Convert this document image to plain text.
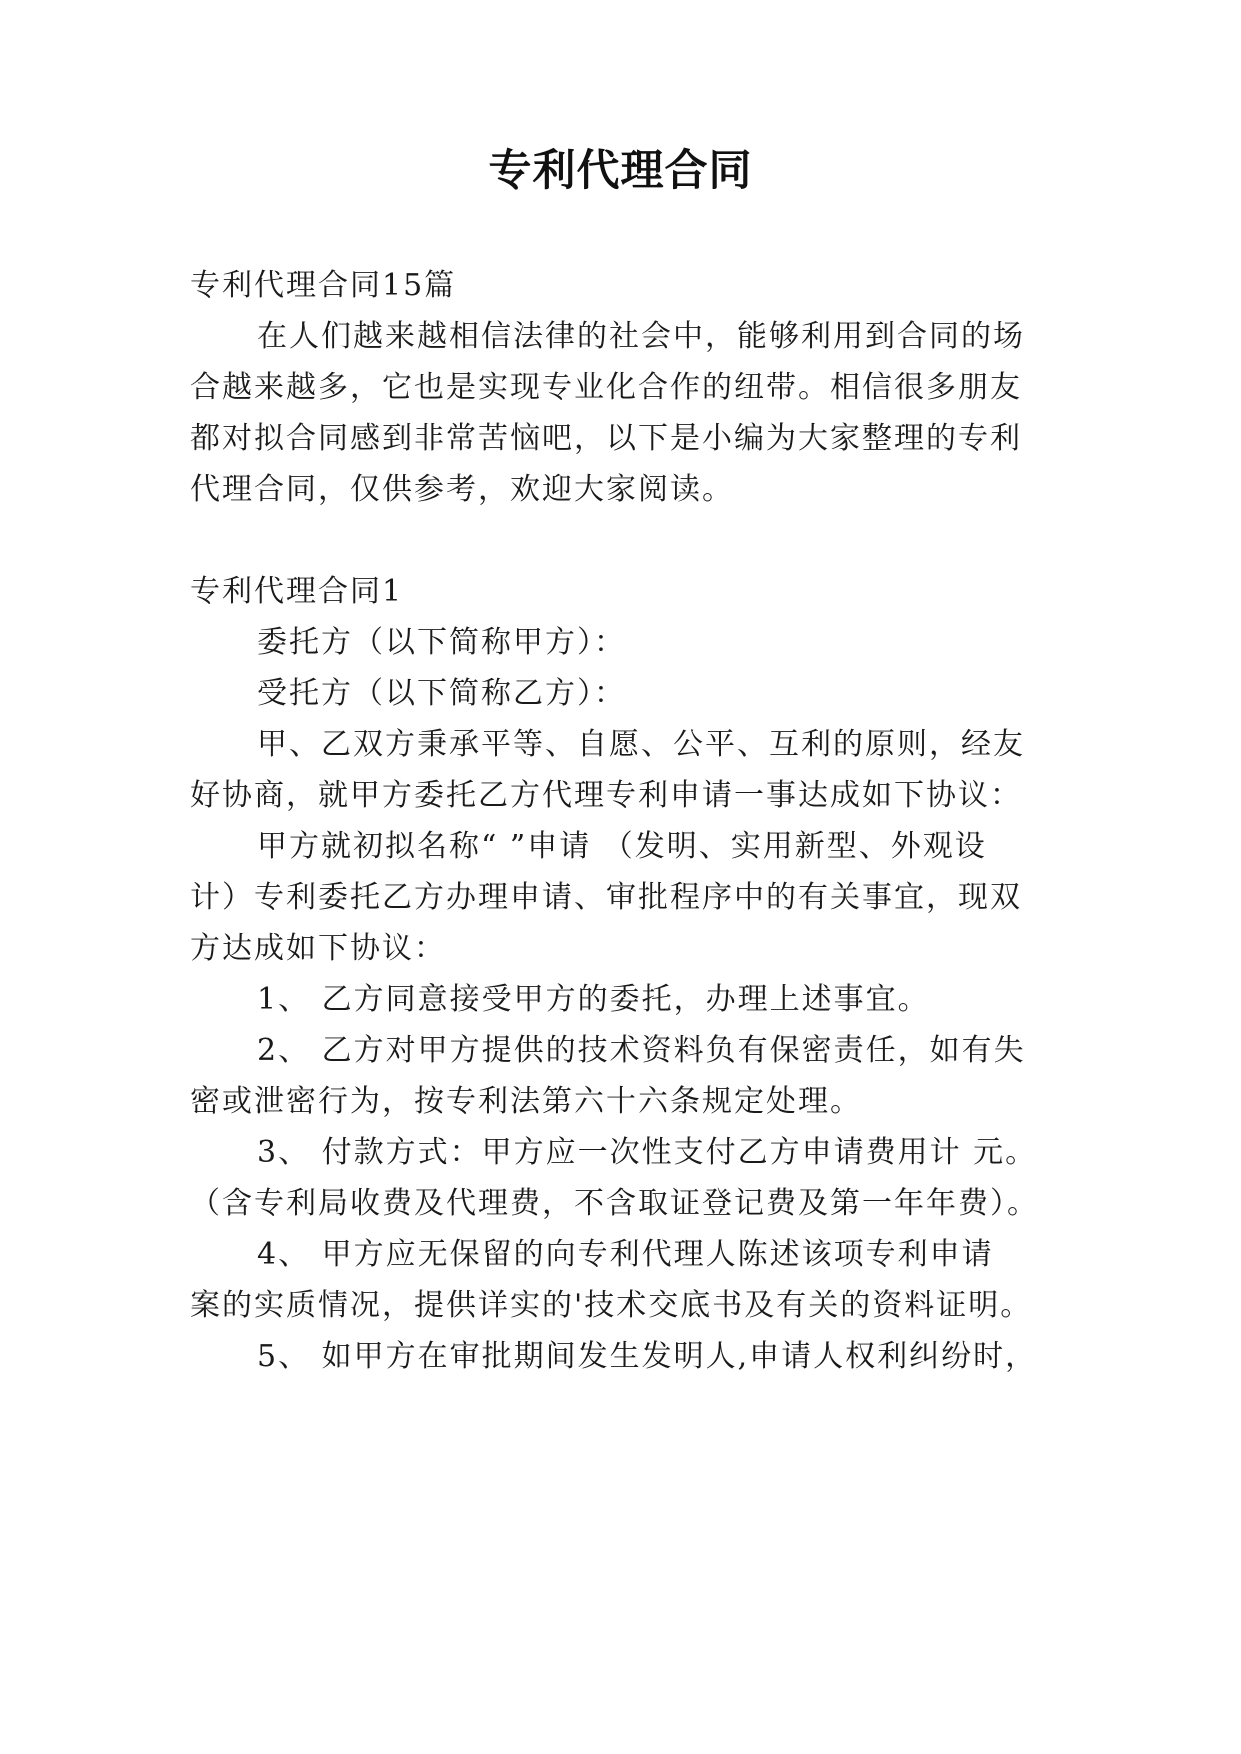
专利代理合同
专利代理合同15篇
在人们越来越相信法律的社会中，能够利用到合同的场
合越来越多，它也是实现专业化合作的纽带。相信很多朋友
都对拟合同感到非常苦恼吧，以下是小编为大家整理的专利
代理合同，仅供参考，欢迎大家阅读。
专利代理合同1
委托方（以下简称甲方）：
受托方（以下简称乙方）：
甲、乙双方秉承平等、自愿、公平、互利的原则，经友
好协商，就甲方委托乙方代理专利申请一事达成如下协议：
甲方就初拟名称“ ”申请 （发明、实用新型、外观设
计）专利委托乙方办理申请、审批程序中的有关事宜，现双
方达成如下协议：
1、 乙方同意接受甲方的委托，办理上述事宜。
2、 乙方对甲方提供的技术资料负有保密责任，如有失
密或泄密行为，按专利法第六十六条规定处理。
3、 付款方式：甲方应一次性支付乙方申请费用计 元。
（含专利局收费及代理费，不含取证登记费及第一年年费）。
4、 甲方应无保留的向专利代理人陈述该项专利申请
案的实质情况，提供详实的'技术交底书及有关的资料证明。
5、 如甲方在审批期间发生发明人,申请人权利纠纷时，
